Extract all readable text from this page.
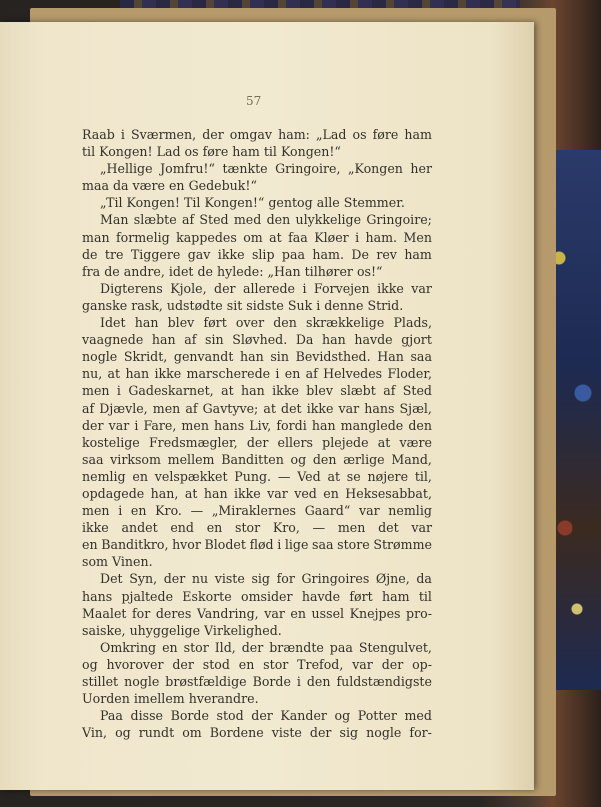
57
Raab i Sværmen, der omgav ham: „Lad os føre ham
til Kongen! Lad os føre ham til Kongen!“
„Hellige Jomfru!“ tænkte Gringoire, „Kongen her
maa da være en Gedebuk!“
„Til Kongen! Til Kongen!“ gentog alle Stemmer.
Man slæbte af Sted med den ulykkelige Gringoire;
man formelig kappedes om at faa Kløer i ham. Men
de tre Tiggere gav ikke slip paa ham. De rev ham
fra de andre, idet de hylede: „Han tilhører os!“
Digterens Kjole, der allerede i Forvejen ikke var
ganske rask, udstødte sit sidste Suk i denne Strid.
Idet han blev ført over den skrækkelige Plads,
vaagnede han af sin Sløvhed. Da han havde gjort
nogle Skridt, genvandt han sin Bevidsthed. Han saa
nu, at han ikke marscherede i en af Helvedes Floder,
men i Gadeskarnet, at han ikke blev slæbt af Sted
af Djævle, men af Gavtyve; at det ikke var hans Sjæl,
der var i Fare, men hans Liv, fordi han manglede den
kostelige Fredsmægler, der ellers plejede at være
saa virksom mellem Banditten og den ærlige Mand,
nemlig en velspækket Pung. — Ved at se nøjere til,
opdagede han, at han ikke var ved en Heksesabbat,
men i en Kro. — „Miraklernes Gaard“ var nemlig
ikke andet end en stor Kro, — men det var
en Banditkro, hvor Blodet flød i lige saa store Strømme
som Vinen.
Det Syn, der nu viste sig for Gringoires Øjne, da
hans pjaltede Eskorte omsider havde ført ham til
Maalet for deres Vandring, var en ussel Knejpes pro-
saiske, uhyggelige Virkelighed.
Omkring en stor Ild, der brændte paa Stengulvet,
og hvorover der stod en stor Trefod, var der op-
stillet nogle brøstfældige Borde i den fuldstændigste
Uorden imellem hverandre.
Paa disse Borde stod der Kander og Potter med
Vin, og rundt om Bordene viste der sig nogle for-
